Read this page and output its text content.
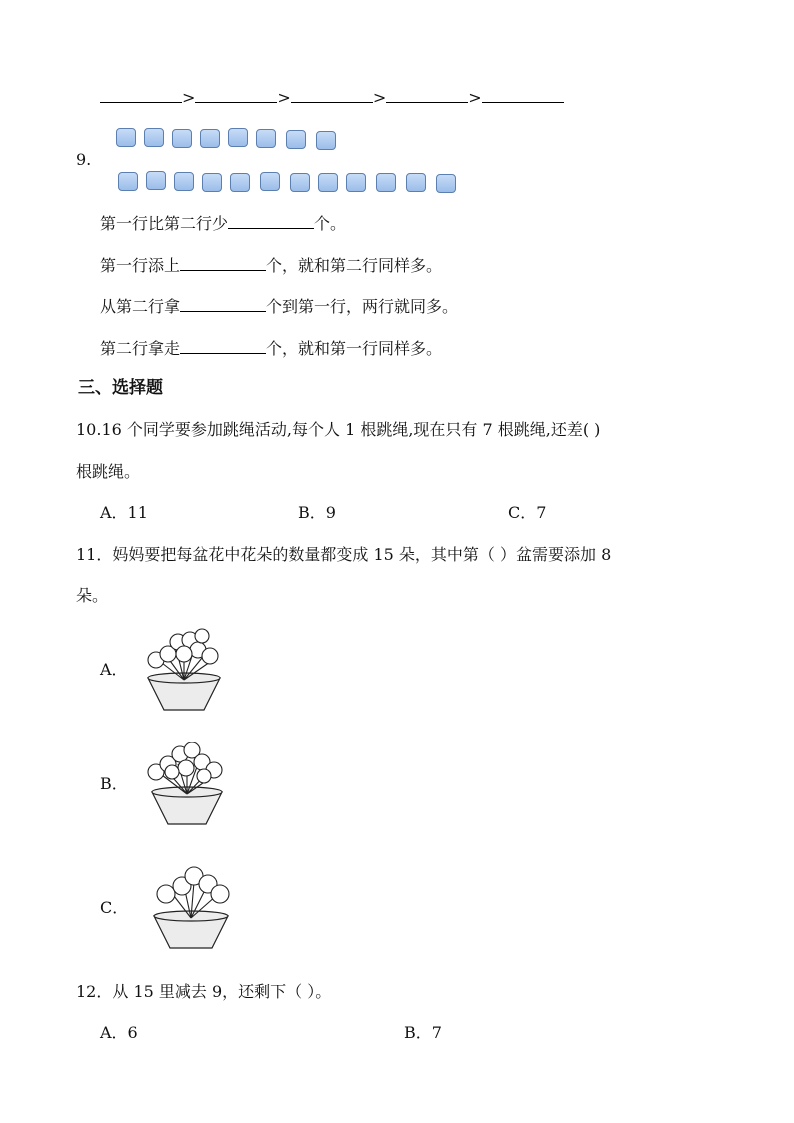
>	>	>	>
9.
第一行比第二行少	个。
第一行添上	个，就和第二行同样多。
从第二行拿	个到第一行，两行就同多。
第二行拿走	个，就和第一行同样多。
三、选择题
10.16 个同学要参加跳绳活动,每个人 1 根跳绳,现在只有 7 根跳绳,还差( )
根跳绳。
A．11	B．9	C．7
11．妈妈要把每盆花中花朵的数量都变成 15 朵，其中第（ ）盆需要添加 8
朵。
A．
B．
C．
12．从 15 里减去 9，还剩下（ ）。
A．6	B．7
